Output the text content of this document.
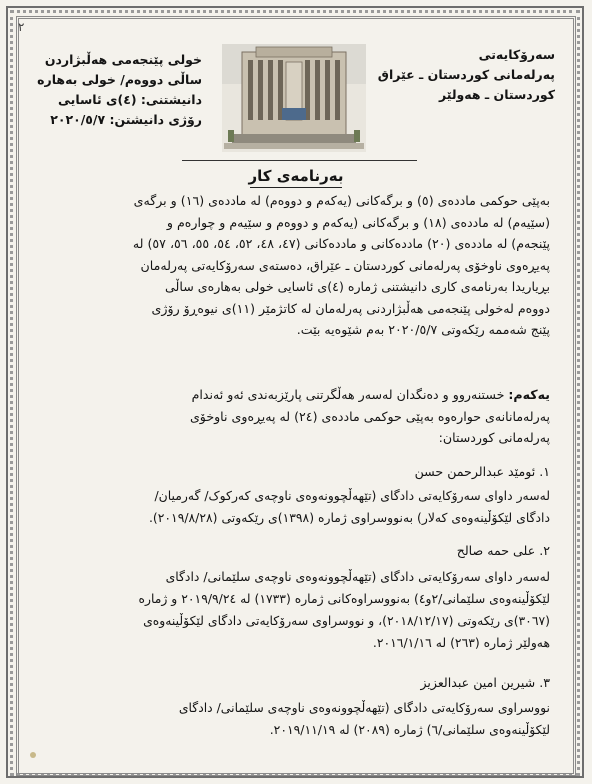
٢
سەرۆکایەتی
پەرلەمانی کوردستان ـ عێراق
کوردستان ـ هەولێر
خولی پێنجەمی هەڵبژاردن
ساڵی دووەم/ خولی بەهارە
دانیشتنی: (٤)ی ئاسایی
رۆژی دانیشتن: ٢٠٢٠/٥/٧
بەرنامەی کار
بەپێی حوکمی ماددەی (٥) و برگەکانی (یەکەم و دووەم) لە ماددەی (١٦) و برگەی
(سێیەم) لە ماددەی (١٨) و برگەکانی (یەکەم و دووەم و سێیەم و چوارەم و
پێنجەم) لە ماددەی (٢٠) ماددەکانی و ماددەکانی (٤٧، ٤٨، ٥٢، ٥٤، ٥٥، ٥٦، ٥٧) لە
پەیڕەوی ناوخۆی پەرلەمانی کوردستان ـ عێراق، دەستەی سەرۆکایەتی پەرلەمان
بڕیاریدا بەرنامەی کاری دانیشتنی ژمارە (٤)ی ئاسایی خولی بەهارەی ساڵی
دووەم لەخولی پێنجەمی هەڵبژاردنی پەرلەمان لە کاتژمێر (١١)ی نیوەڕۆ رۆژی
پێنج شەممە رێکەوتی ٢٠٢٠/٥/٧ بەم شێوەیە بێت.
یەکەم: خستنەروو و دەنگدان لەسەر هەڵگرتنی پارێزبەندی ئەو ئەندام
پەرلەمانانەی حوارەوە بەپێی حوکمی ماددەی (٢٤) لە پەیڕەوی ناوخۆی
پەرلەمانی کوردستان:
١. ئومێد عبدالرحمن حسن
لەسەر داوای سەرۆکایەتی دادگای (تێهەڵچوونەوەی ناوچەی کەرکوک/ گەرمیان/
دادگای لێکۆڵینەوەی کەلار) بەنووسراوی ژمارە (١٣٩٨)ی رێکەوتی (٢٠١٩/٨/٢٨).
٢. علی حمە صالح
لەسەر داوای سەرۆکایەتی دادگای (تێهەڵچوونەوەی ناوچەی سلێمانی/ دادگای
لێکۆڵینەوەی سلێمانی/٢و٤) بەنووسراوەکانی ژمارە (١٧٣٣) لە ٢٠١٩/٩/٢٤ و ژمارە
(٣٠٦٧)ی رێکەوتی (٢٠١٨/١٢/١٧)، و نووسراوی سەرۆکایەتی دادگای لێکۆڵینەوەی
هەولێر ژمارە (٢٦٣) لە ٢٠١٦/١/١٦.
٣. شیرین امین عبدالعزیز
نووسراوی سەرۆکایەتی دادگای (تێهەڵچوونەوەی ناوچەی سلێمانی/ دادگای
لێکۆڵینەوەی سلێمانی/٦) ژمارە (٢٠٨٩) لە ٢٠١٩/١١/١٩.
